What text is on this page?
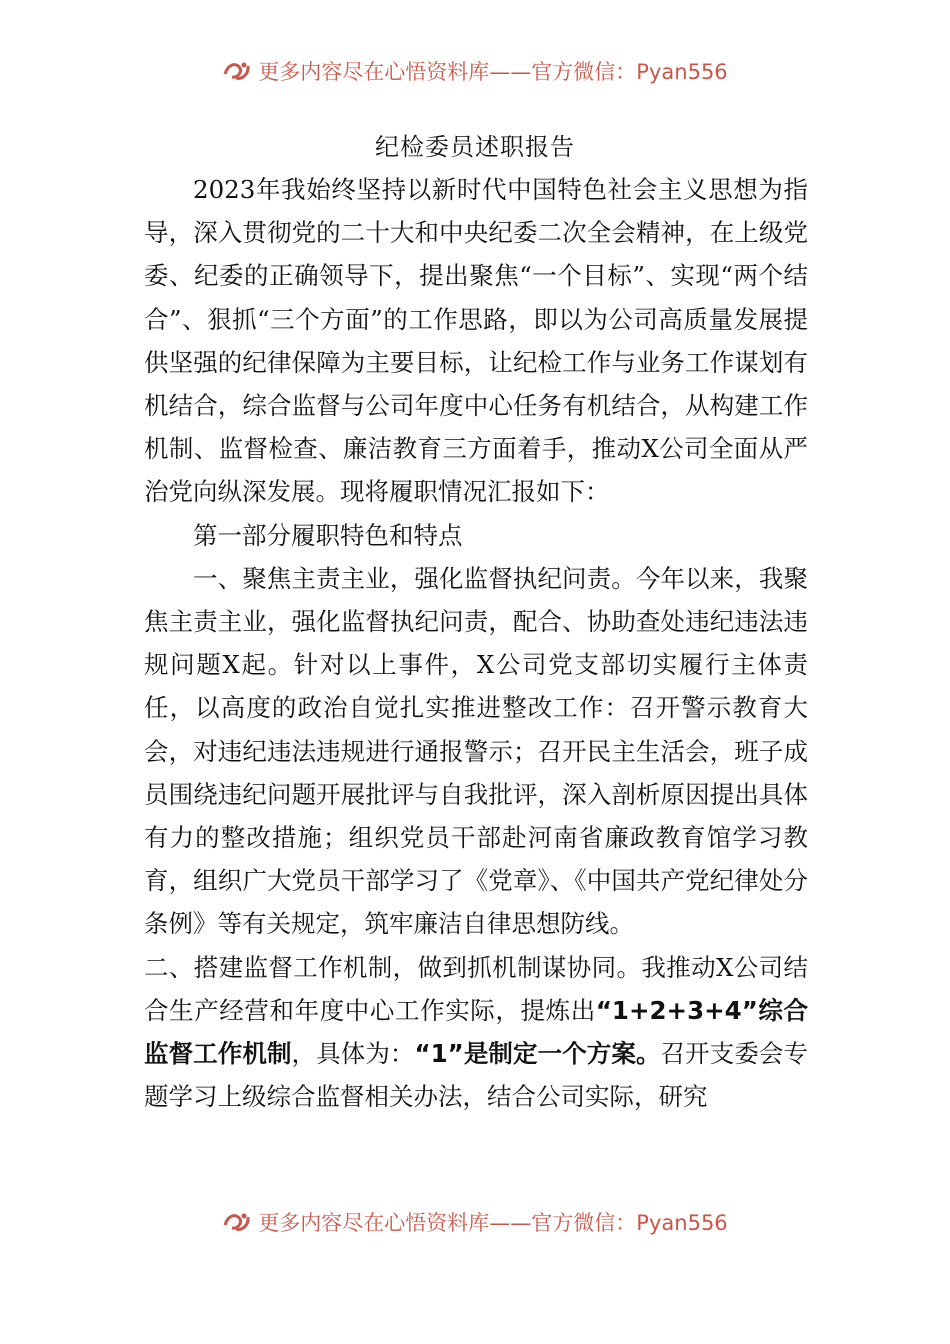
更多内容尽在心悟资料库——官方微信：Pyan556
纪检委员述职报告

2023年我始终坚持以新时代中国特色社会主义思想为指导，深入贯彻党的二十大和中央纪委二次全会精神，在上级党委、纪委的正确领导下，提出聚焦“一个目标”、实现“两个结合”、狠抓“三个方面”的工作思路，即以为公司高质量发展提供坚强的纪律保障为主要目标，让纪检工作与业务工作谋划有机结合，综合监督与公司年度中心任务有机结合，从构建工作机制、监督检查、廉洁教育三方面着手，推动X公司全面从严治党向纵深发展。现将履职情况汇报如下：

第一部分履职特色和特点

一、聚焦主责主业，强化监督执纪问责。今年以来，我聚焦主责主业，强化监督执纪问责，配合、协助查处违纪违法违规问题X起。针对以上事件，X公司党支部切实履行主体责任，以高度的政治自觉扎实推进整改工作：召开警示教育大会，对违纪违法违规进行通报警示；召开民主生活会，班子成员围绕违纪问题开展批评与自我批评，深入剖析原因提出具体有力的整改措施；组织党员干部赴河南省廉政教育馆学习教育，组织广大党员干部学习了《党章》、《中国共产党纪律处分条例》等有关规定，筑牢廉洁自律思想防线。

二、搭建监督工作机制，做到抓机制谋协同。我推动X公司结合生产经营和年度中心工作实际，提炼出“1+2+3+4”综合监督工作机制，具体为：“1”是制定一个方案。召开支委会专题学习上级综合监督相关办法，结合公司实际，研究

更多内容尽在心悟资料库——官方微信：Pyan556
